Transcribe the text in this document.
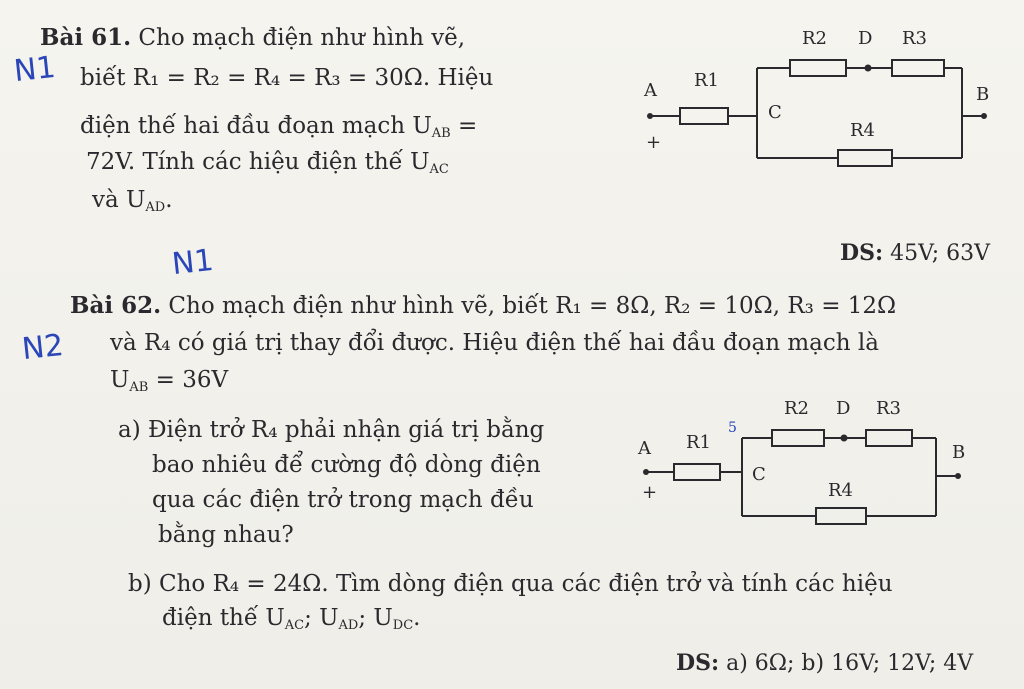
N1
N1
N2
Bài 61. Cho mạch điện như hình vẽ,
biết R₁ = R₂ = R₄ = R₃ = 30Ω. Hiệu
điện thế hai đầu đoạn mạch $U_{AB}$ =
72V. Tính các hiệu điện thế $U_{AC}$
và $U_{AD}$.
A
+
R1
C
R2 D R3
R4
B
DS: 45V; 63V
Bài 62. Cho mạch điện như hình vẽ, biết R₁ = 8Ω, R₂ = 10Ω, R₃ = 12Ω
và R₄ có giá trị thay đổi được. Hiệu điện thế hai đầu đoạn mạch là
$U_{AB} = 36V$
a) Điện trở R₄ phải nhận giá trị bằng
bao nhiêu để cường độ dòng điện
qua các điện trở trong mạch đều
bằng nhau?
A
+
R1
C
R2 D R3
R4
B
5
b) Cho R₄ = 24Ω. Tìm dòng điện qua các điện trở và tính các hiệu
điện thế $U_{AC}$; $U_{AD}$; $U_{DC}$.
DS: a) 6Ω; b) 16V; 12V; 4V
